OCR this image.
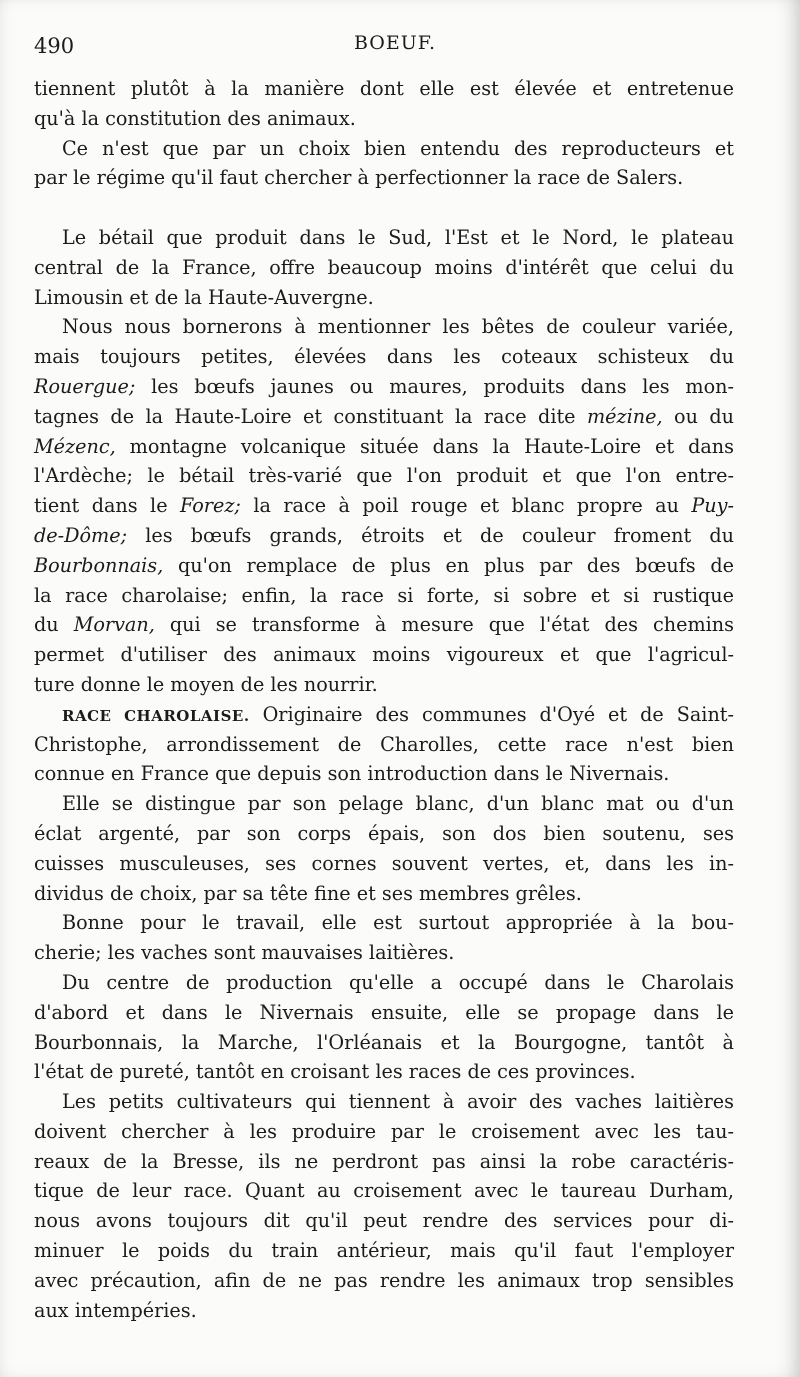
490	BOEUF.
tiennent plutôt à la manière dont elle est élevée et entretenue
qu'à la constitution des animaux.
Ce n'est que par un choix bien entendu des reproducteurs et
par le régime qu'il faut chercher à perfectionner la race de Salers.
Le bétail que produit dans le Sud, l'Est et le Nord, le plateau
central de la France, offre beaucoup moins d'intérêt que celui du
Limousin et de la Haute-Auvergne.
Nous nous bornerons à mentionner les bêtes de couleur variée,
mais toujours petites, élevées dans les coteaux schisteux du
Rouergue; les bœufs jaunes ou maures, produits dans les mon-
tagnes de la Haute-Loire et constituant la race dite mézine, ou du
Mézenc, montagne volcanique située dans la Haute-Loire et dans
l'Ardèche; le bétail très-varié que l'on produit et que l'on entre-
tient dans le Forez; la race à poil rouge et blanc propre au Puy-
de-Dôme; les bœufs grands, étroits et de couleur froment du
Bourbonnais, qu'on remplace de plus en plus par des bœufs de
la race charolaise; enfin, la race si forte, si sobre et si rustique
du Morvan, qui se transforme à mesure que l'état des chemins
permet d'utiliser des animaux moins vigoureux et que l'agricul-
ture donne le moyen de les nourrir.
RACE CHAROLAISE. Originaire des communes d'Oyé et de Saint-
Christophe, arrondissement de Charolles, cette race n'est bien
connue en France que depuis son introduction dans le Nivernais.
Elle se distingue par son pelage blanc, d'un blanc mat ou d'un
éclat argenté, par son corps épais, son dos bien soutenu, ses
cuisses musculeuses, ses cornes souvent vertes, et, dans les in-
dividus de choix, par sa tête fine et ses membres grêles.
Bonne pour le travail, elle est surtout appropriée à la bou-
cherie; les vaches sont mauvaises laitières.
Du centre de production qu'elle a occupé dans le Charolais
d'abord et dans le Nivernais ensuite, elle se propage dans le
Bourbonnais, la Marche, l'Orléanais et la Bourgogne, tantôt à
l'état de pureté, tantôt en croisant les races de ces provinces.
Les petits cultivateurs qui tiennent à avoir des vaches laitières
doivent chercher à les produire par le croisement avec les tau-
reaux de la Bresse, ils ne perdront pas ainsi la robe caractéris-
tique de leur race. Quant au croisement avec le taureau Durham,
nous avons toujours dit qu'il peut rendre des services pour di-
minuer le poids du train antérieur, mais qu'il faut l'employer
avec précaution, afin de ne pas rendre les animaux trop sensibles
aux intempéries.
